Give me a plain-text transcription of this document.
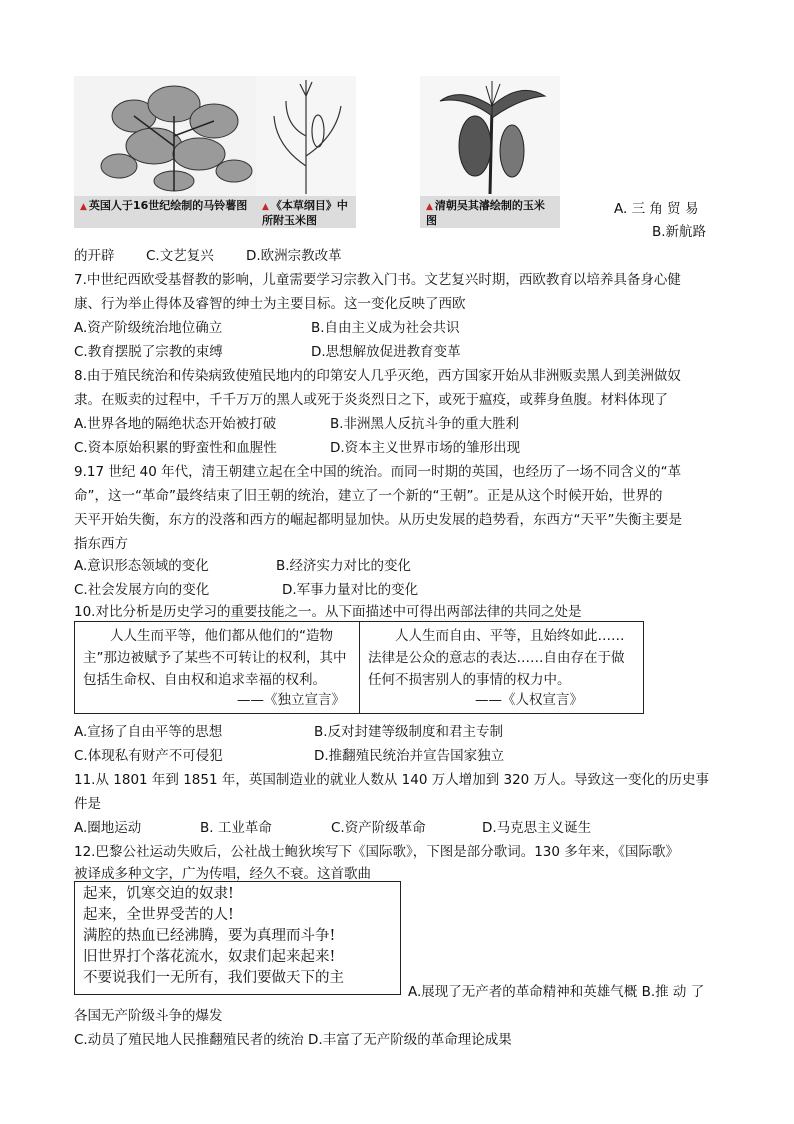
▲ 英国人于16世纪绘制的马铃薯图	▲ 《本草纲目》中所附玉米图
▲ 清朝吴其濬绘制的玉米图
A. 三 角 贸 易
B.新航路
的开辟 C.文艺复兴 D.欧洲宗教改革
7.中世纪西欧受基督教的影响，儿童需要学习宗教入门书。文艺复兴时期，西欧教育以培养具备身心健
康、行为举止得体及睿智的绅士为主要目标。这一变化反映了西欧
A.资产阶级统治地位确立	B.自由主义成为社会共识
C.教育摆脱了宗教的束缚	D.思想解放促进教育变革
8.由于殖民统治和传染病致使殖民地内的印第安人几乎灭绝，西方国家开始从非洲贩卖黑人到美洲做奴
隶。在贩卖的过程中，千千万万的黑人或死于炎炎烈日之下，或死于瘟疫，或葬身鱼腹。材料体现了
A.世界各地的隔绝状态开始被打破	B.非洲黑人反抗斗争的重大胜利
C.资本原始积累的野蛮性和血腥性	D.资本主义世界市场的雏形出现
9.17 世纪 40 年代，清王朝建立起在全中国的统治。而同一时期的英国，也经历了一场不同含义的“革
命”，这一“革命”最终结束了旧王朝的统治，建立了一个新的“王朝”。正是从这个时候开始，世界的
天平开始失衡，东方的没落和西方的崛起都明显加快。从历史发展的趋势看，东西方“天平”失衡主要是
指东西方
A.意识形态领域的变化	B.经济实力对比的变化
C.社会发展方向的变化	D.军事力量对比的变化
10.对比分析是历史学习的重要技能之一。从下面描述中可得出两部法律的共同之处是
人人生而平等，他们都从他们的“造物主”那边被赋予了某些不可转让的权利，其中包括生命权、自由权和追求幸福的权利。
——《独立宣言》
人人生而自由、平等，且始终如此……法律是公众的意志的表达……自由存在于做任何不损害别人的事情的权力中。
——《人权宣言》
A.宣扬了自由平等的思想	B.反对封建等级制度和君主专制
C.体现私有财产不可侵犯	D.推翻殖民统治并宣告国家独立
11.从 1801 年到 1851 年，英国制造业的就业人数从 140 万人增加到 320 万人。导致这一变化的历史事
件是
A.圈地运动	B. 工业革命	C.资产阶级革命	D.马克思主义诞生
12.巴黎公社运动失败后，公社战士鲍狄埃写下《国际歌》，下图是部分歌词。130 多年来，《国际歌》
被译成多种文字，广为传唱，经久不衰。这首歌曲
起来，饥寒交迫的奴隶!
起来，全世界受苦的人!
满腔的热血已经沸腾，要为真理而斗争!
旧世界打个落花流水，奴隶们起来起来!
不要说我们一无所有，我们要做天下的主
A.展现了无产者的革命精神和英雄气概 B.推 动 了
各国无产阶级斗争的爆发
C.动员了殖民地人民推翻殖民者的统治 D.丰富了无产阶级的革命理论成果
